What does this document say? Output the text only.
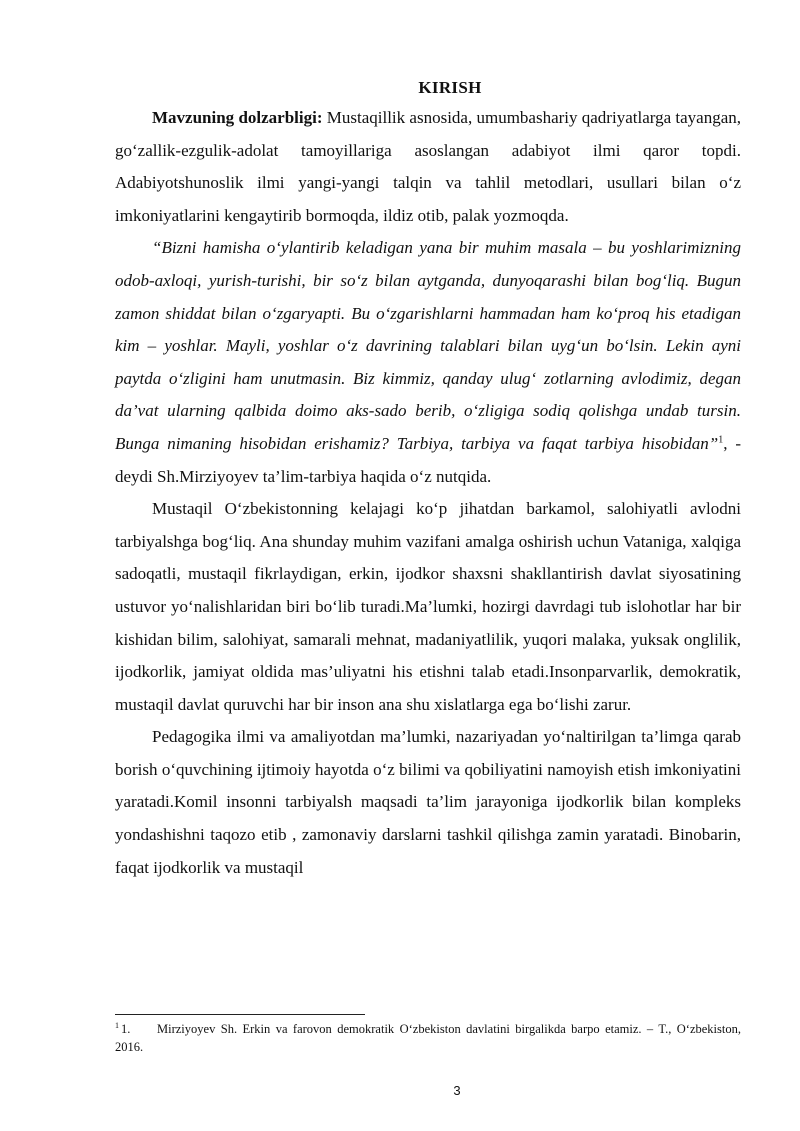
KIRISH

Mavzuning dolzarbligi: Mustaqillik asnosida, umumbashariy qadriyatlarga tayangan, go‘zallik-ezgulik-adolat tamoyillariga asoslangan adabiyot ilmi qaror topdi. Adabiyotshunoslik ilmi yangi-yangi talqin va tahlil metodlari, usullari bilan o‘z imkoniyatlarini kengaytirib bormoqda, ildiz otib, palak yozmoqda.

“Bizni hamisha o‘ylantirib keladigan yana bir muhim masala – bu yoshlarimizning odob-axloqi, yurish-turishi, bir so‘z bilan aytganda, dunyoqarashi bilan bog‘liq. Bugun zamon shiddat bilan o‘zgaryapti. Bu o‘zgarishlarni hammadan ham ko‘proq his etadigan kim – yoshlar. Mayli, yoshlar o‘z davrining talablari bilan uyg‘un bo‘lsin. Lekin ayni paytda o‘zligini ham unutmasin. Biz kimmiz, qanday ulug‘ zotlarning avlodimiz, degan da’vat ularning qalbida doimo aks-sado berib, o‘zligiga sodiq qolishga undab tursin. Bunga nimaning hisobidan erishamiz? Tarbiya, tarbiya va faqat tarbiya hisobidan”$^1$, - deydi Sh.Mirziyoyev ta’lim-tarbiya haqida o‘z nutqida.

Mustaqil O‘zbekistonning kelajagi ko‘p jihatdan barkamol, salohiyatli avlodni tarbiyalshga bog‘liq. Ana shunday muhim vazifani amalga oshirish uchun Vataniga, xalqiga sadoqatli, mustaqil fikrlaydigan, erkin, ijodkor shaxsni shakllantirish davlat siyosatining ustuvor yo‘nalishlaridan biri bo‘lib turadi.Ma’lumki, hozirgi davrdagi tub islohotlar har bir kishidan bilim, salohiyat, samarali mehnat, madaniyatlilik, yuqori malaka, yuksak onglilik, ijodkorlik, jamiyat oldida mas’uliyatni his etishni talab etadi.Insonparvarlik, demokratik, mustaqil davlat quruvchi har bir inson ana shu xislatlarga ega bo‘lishi zarur.

Pedagogika ilmi va amaliyotdan ma’lumki, nazariyadan yo‘naltirilgan ta’limga qarab borish o‘quvchining ijtimoiy hayotda o‘z bilimi va qobiliyatini namoyish etish imkoniyatini yaratadi.Komil insonni tarbiyalsh maqsadi ta’lim jarayoniga ijodkorlik bilan kompleks yondashishni taqozo etib , zamonaviy darslarni tashkil qilishga zamin yaratadi. Binobarin, faqat ijodkorlik va mustaqil

$^1$ 1. Mirziyoyev Sh. Erkin va farovon demokratik O‘zbekiston davlatini birgalikda barpo etamiz. – T., O‘zbekiston, 2016.
3
